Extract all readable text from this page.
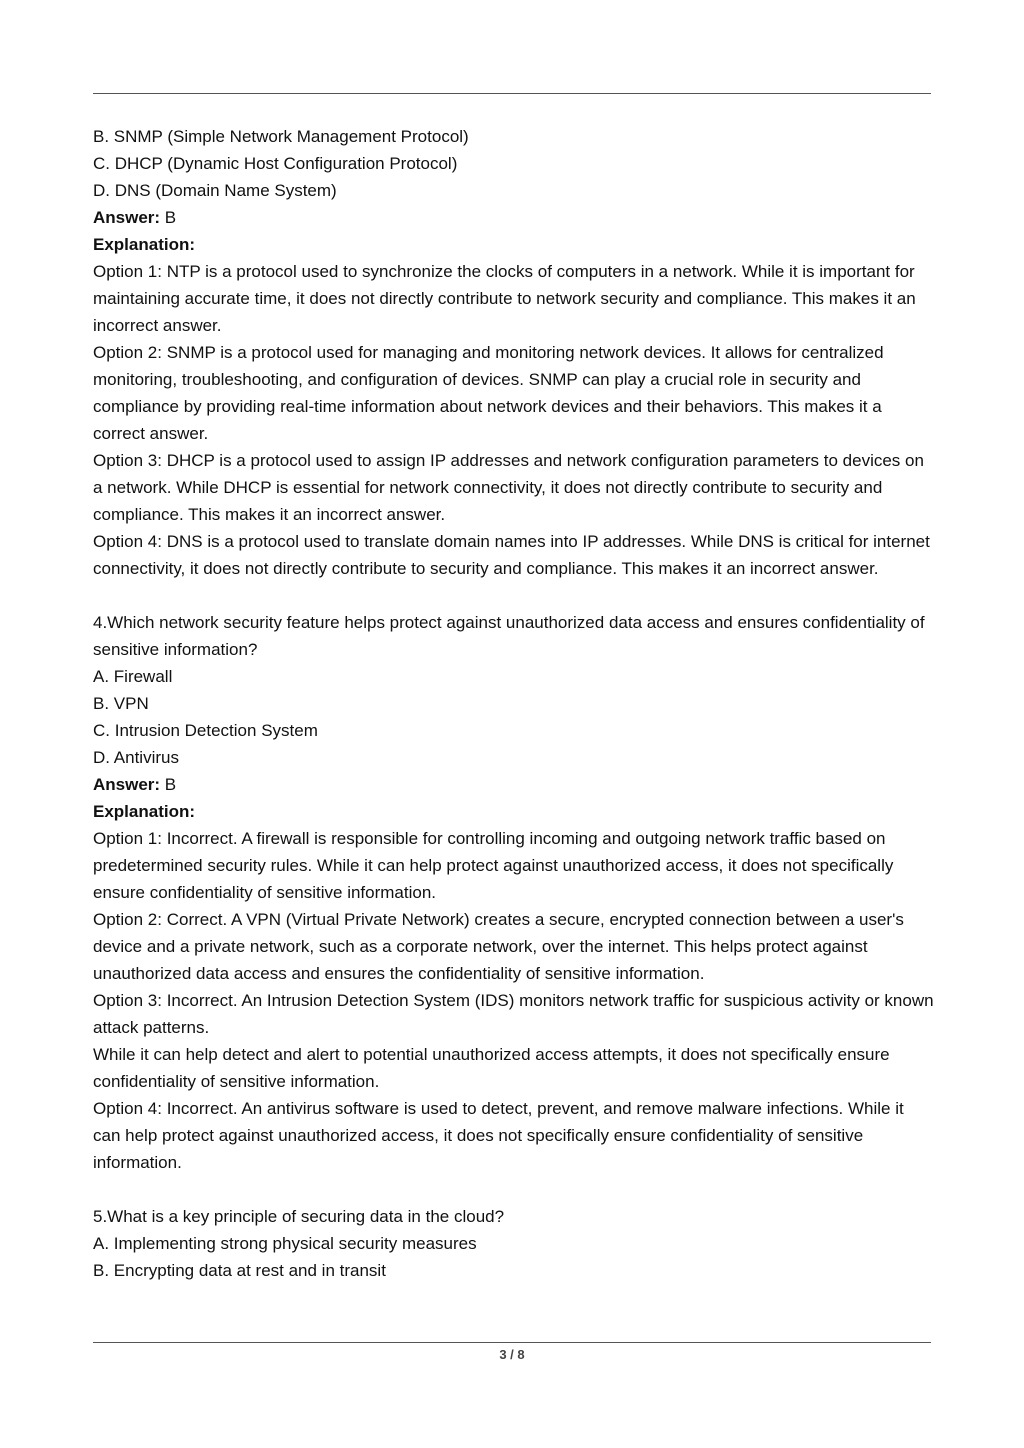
B. SNMP (Simple Network Management Protocol)

C. DHCP (Dynamic Host Configuration Protocol)

D. DNS (Domain Name System)

Answer: B

Explanation:

Option 1: NTP is a protocol used to synchronize the clocks of computers in a network. While it is important for maintaining accurate time, it does not directly contribute to network security and compliance. This makes it an incorrect answer.

Option 2: SNMP is a protocol used for managing and monitoring network devices. It allows for centralized monitoring, troubleshooting, and configuration of devices. SNMP can play a crucial role in security and compliance by providing real-time information about network devices and their behaviors. This makes it a correct answer.

Option 3: DHCP is a protocol used to assign IP addresses and network configuration parameters to devices on a network. While DHCP is essential for network connectivity, it does not directly contribute to security and compliance. This makes it an incorrect answer.

Option 4: DNS is a protocol used to translate domain names into IP addresses. While DNS is critical for internet connectivity, it does not directly contribute to security and compliance. This makes it an incorrect answer.

4.Which network security feature helps protect against unauthorized data access and ensures confidentiality of sensitive information?

A. Firewall

B. VPN

C. Intrusion Detection System

D. Antivirus

Answer: B

Explanation:

Option 1: Incorrect. A firewall is responsible for controlling incoming and outgoing network traffic based on predetermined security rules. While it can help protect against unauthorized access, it does not specifically ensure confidentiality of sensitive information.

Option 2: Correct. A VPN (Virtual Private Network) creates a secure, encrypted connection between a user's device and a private network, such as a corporate network, over the internet. This helps protect against unauthorized data access and ensures the confidentiality of sensitive information.

Option 3: Incorrect. An Intrusion Detection System (IDS) monitors network traffic for suspicious activity or known attack patterns.

While it can help detect and alert to potential unauthorized access attempts, it does not specifically ensure confidentiality of sensitive information.

Option 4: Incorrect. An antivirus software is used to detect, prevent, and remove malware infections. While it can help protect against unauthorized access, it does not specifically ensure confidentiality of sensitive information.

5.What is a key principle of securing data in the cloud?

A. Implementing strong physical security measures

B. Encrypting data at rest and in transit

3 / 8
